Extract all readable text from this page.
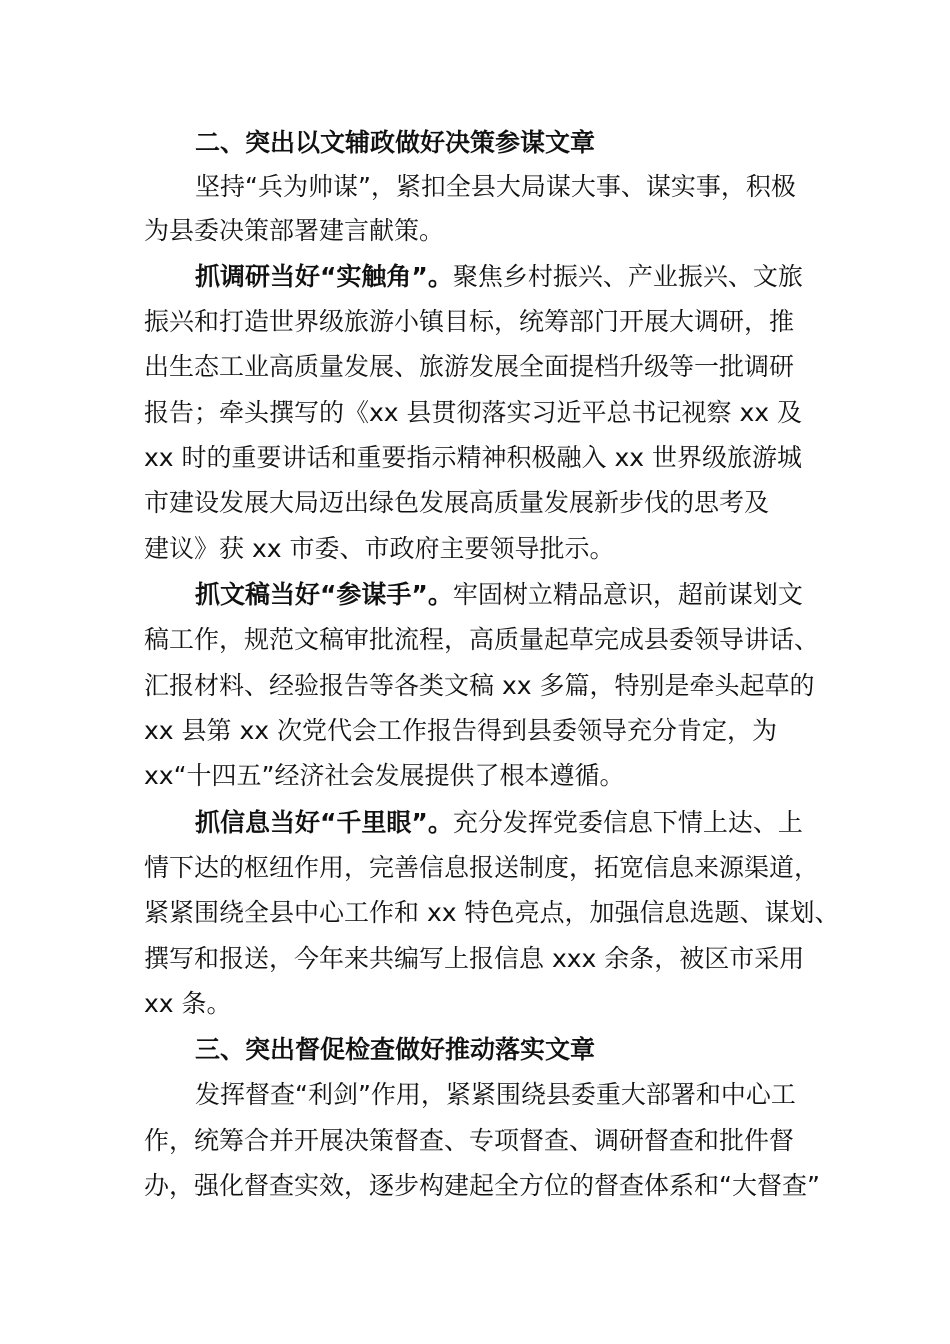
二、突出以文辅政做好决策参谋文章
坚持“兵为帅谋”，紧扣全县大局谋大事、谋实事，积极
为县委决策部署建言献策。
抓调研当好“实触角”。聚焦乡村振兴、产业振兴、文旅
振兴和打造世界级旅游小镇目标，统筹部门开展大调研，推
出生态工业高质量发展、旅游发展全面提档升级等一批调研
报告；牵头撰写的《xx 县贯彻落实习近平总书记视察 xx 及
xx 时的重要讲话和重要指示精神积极融入 xx 世界级旅游城
市建设发展大局迈出绿色发展高质量发展新步伐的思考及
建议》获 xx 市委、市政府主要领导批示。
抓文稿当好“参谋手”。牢固树立精品意识，超前谋划文
稿工作，规范文稿审批流程，高质量起草完成县委领导讲话、
汇报材料、经验报告等各类文稿 xx 多篇，特别是牵头起草的
xx 县第 xx 次党代会工作报告得到县委领导充分肯定，为
xx“十四五”经济社会发展提供了根本遵循。
抓信息当好“千里眼”。充分发挥党委信息下情上达、上
情下达的枢纽作用，完善信息报送制度，拓宽信息来源渠道，
紧紧围绕全县中心工作和 xx 特色亮点，加强信息选题、谋划、
撰写和报送，今年来共编写上报信息 xxx 余条，被区市采用
xx 条。
三、突出督促检查做好推动落实文章
发挥督查“利剑”作用，紧紧围绕县委重大部署和中心工
作，统筹合并开展决策督查、专项督查、调研督查和批件督
办，强化督查实效，逐步构建起全方位的督查体系和“大督查”
